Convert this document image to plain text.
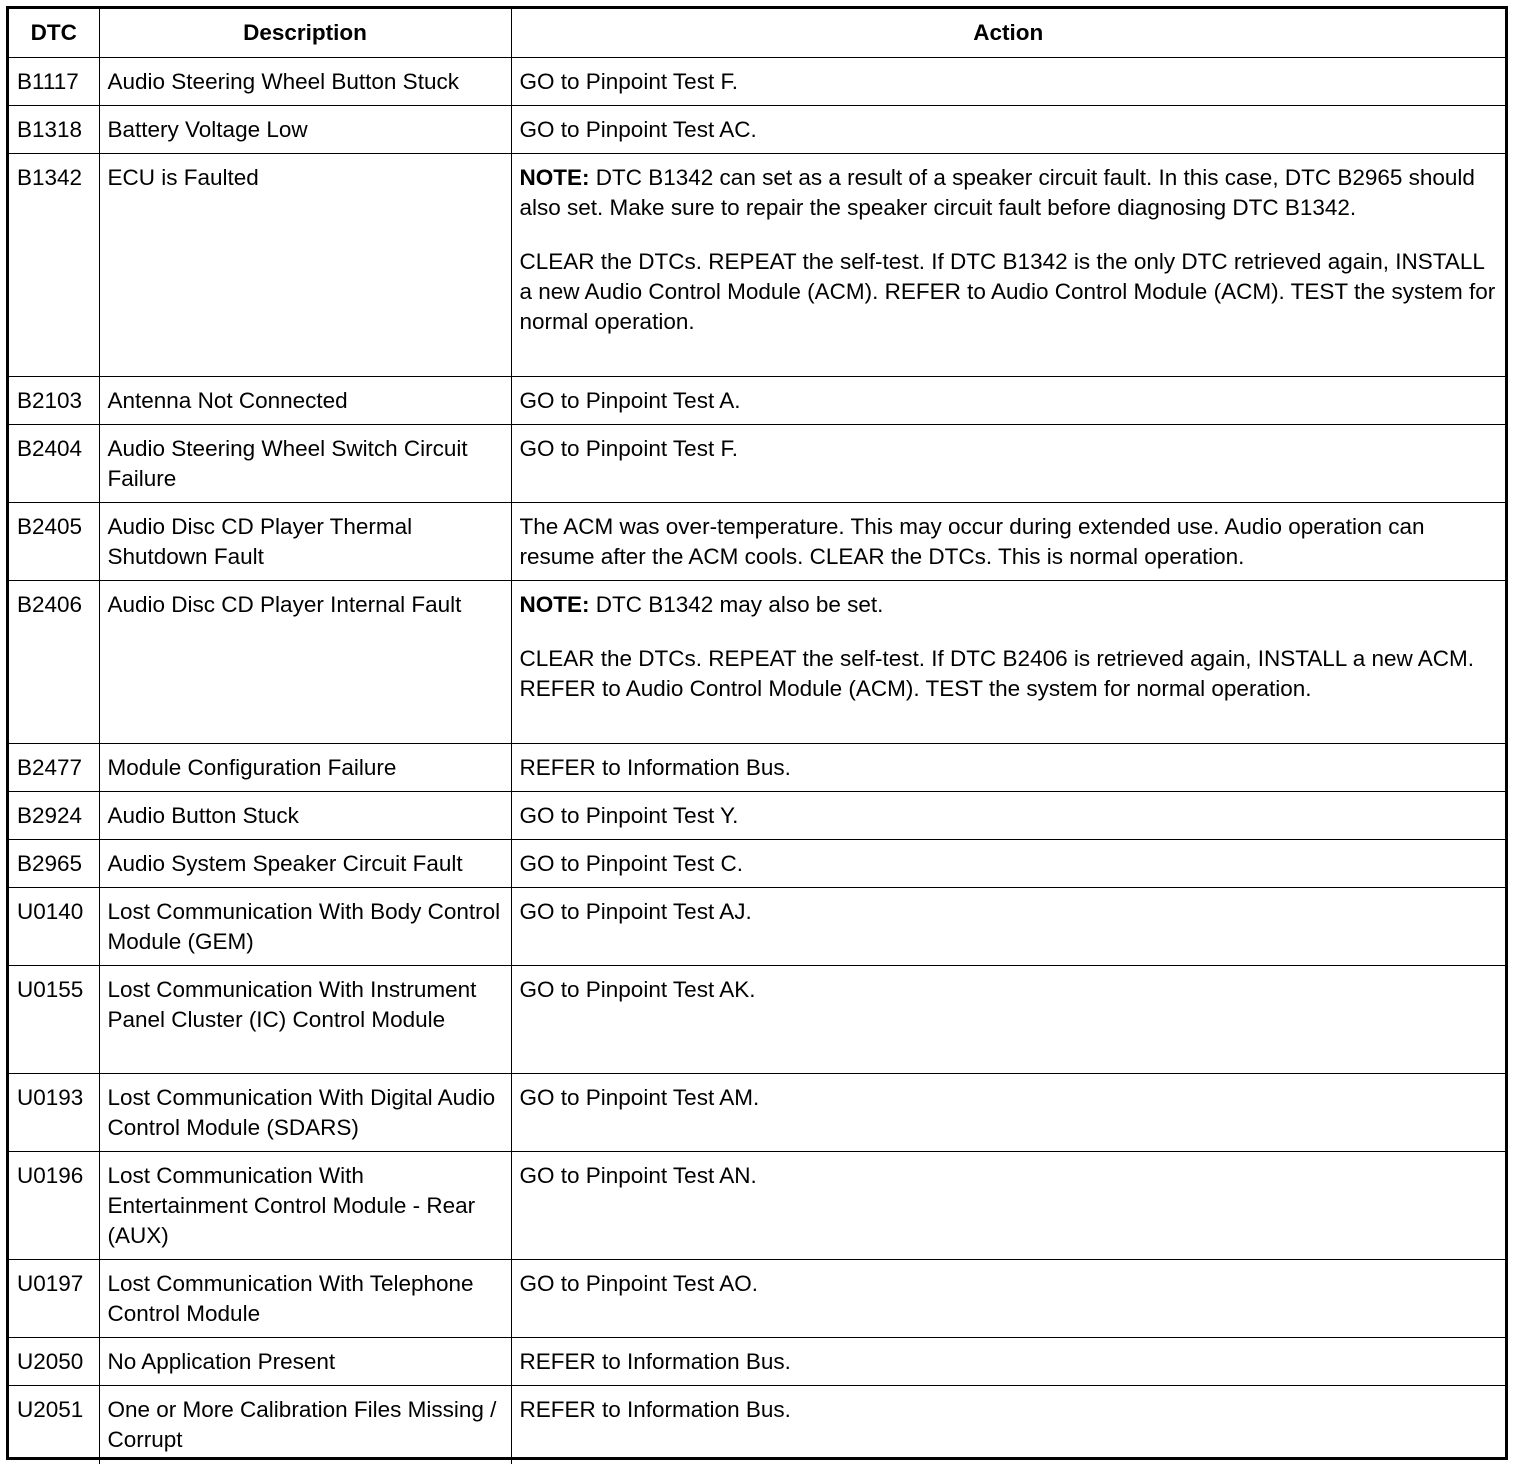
DTC	Description	Action
B1117	Audio Steering Wheel Button Stuck	GO to Pinpoint Test F.

B1318	Battery Voltage Low	GO to Pinpoint Test AC.

B1342	ECU is Faulted	NOTE: DTC B1342 can set as a result of a speaker circuit fault. In this case, DTC B2965 should also set. Make sure to repair the speaker circuit fault before diagnosing DTC B1342.
CLEAR the DTCs. REPEAT the self-test. If DTC B1342 is the only DTC retrieved again, INSTALL a new Audio Control Module (ACM). REFER to Audio Control Module (ACM). TEST the system for normal operation.

B2103	Antenna Not Connected	GO to Pinpoint Test A.

B2404	Audio Steering Wheel Switch Circuit Failure	GO to Pinpoint Test F.

B2405	Audio Disc CD Player Thermal Shutdown Fault	The ACM was over-temperature. This may occur during extended use. Audio operation can resume after the ACM cools. CLEAR the DTCs. This is normal operation.

B2406	Audio Disc CD Player Internal Fault	NOTE: DTC B1342 may also be set.
CLEAR the DTCs. REPEAT the self-test. If DTC B2406 is retrieved again, INSTALL a new ACM. REFER to Audio Control Module (ACM). TEST the system for normal operation.

B2477	Module Configuration Failure	REFER to Information Bus.

B2924	Audio Button Stuck	GO to Pinpoint Test Y.

B2965	Audio System Speaker Circuit Fault	GO to Pinpoint Test C.

U0140	Lost Communication With Body Control Module (GEM)	GO to Pinpoint Test AJ.

U0155	Lost Communication With Instrument Panel Cluster (IC) Control Module	GO to Pinpoint Test AK.

U0193	Lost Communication With Digital Audio Control Module (SDARS)	GO to Pinpoint Test AM.

U0196	Lost Communication With Entertainment Control Module - Rear (AUX)	GO to Pinpoint Test AN.

U0197	Lost Communication With Telephone Control Module	GO to Pinpoint Test AO.

U2050	No Application Present	REFER to Information Bus.

U2051	One or More Calibration Files Missing / Corrupt	REFER to Information Bus.
